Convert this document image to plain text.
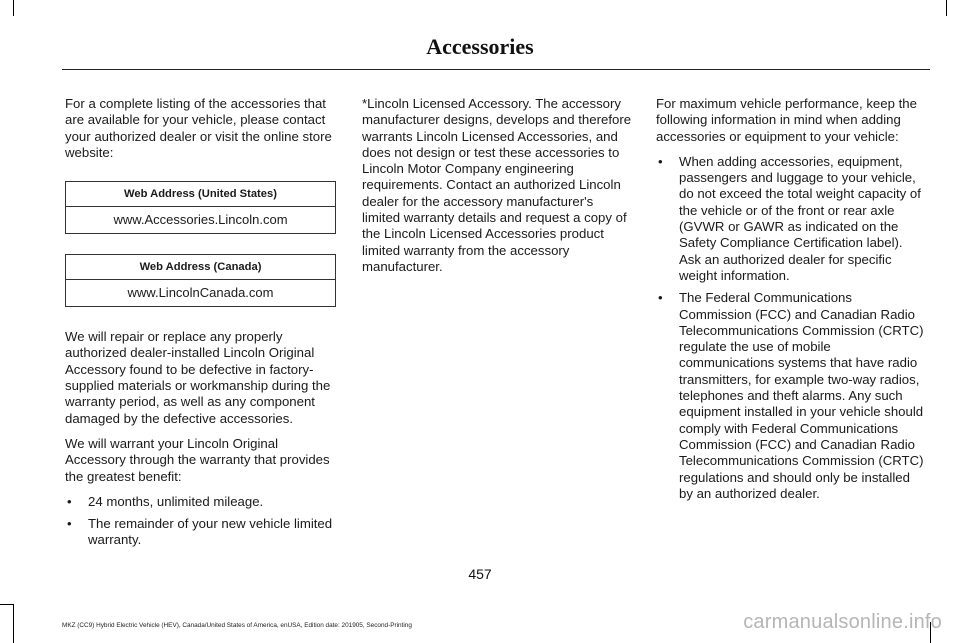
Accessories

For a complete listing of the accessories that are available for your vehicle, please contact your authorized dealer or visit the online store website:

Web Address (United States)
www.Accessories.Lincoln.com
Web Address (Canada)
www.LincolnCanada.com

We will repair or replace any properly authorized dealer-installed Lincoln Original Accessory found to be defective in factory-supplied materials or workmanship during the warranty period, as well as any component damaged by the defective accessories.

We will warrant your Lincoln Original Accessory through the warranty that provides the greatest benefit:

• 24 months, unlimited mileage.
• The remainder of your new vehicle limited warranty.

*Lincoln Licensed Accessory. The accessory manufacturer designs, develops and therefore warrants Lincoln Licensed Accessories, and does not design or test these accessories to Lincoln Motor Company engineering requirements. Contact an authorized Lincoln dealer for the accessory manufacturer's limited warranty details and request a copy of the Lincoln Licensed Accessories product limited warranty from the accessory manufacturer.

For maximum vehicle performance, keep the following information in mind when adding accessories or equipment to your vehicle:

• When adding accessories, equipment, passengers and luggage to your vehicle, do not exceed the total weight capacity of the vehicle or of the front or rear axle (GVWR or GAWR as indicated on the Safety Compliance Certification label). Ask an authorized dealer for specific weight information.
• The Federal Communications Commission (FCC) and Canadian Radio Telecommunications Commission (CRTC) regulate the use of mobile communications systems that have radio transmitters, for example two-way radios, telephones and theft alarms. Any such equipment installed in your vehicle should comply with Federal Communications Commission (FCC) and Canadian Radio Telecommunications Commission (CRTC) regulations and should only be installed by an authorized dealer.
457
MKZ (CC9) Hybrid Electric Vehicle (HEV), Canada/United States of America, enUSA, Edition date: 201905, Second-Printing	carmanualsonline.info
